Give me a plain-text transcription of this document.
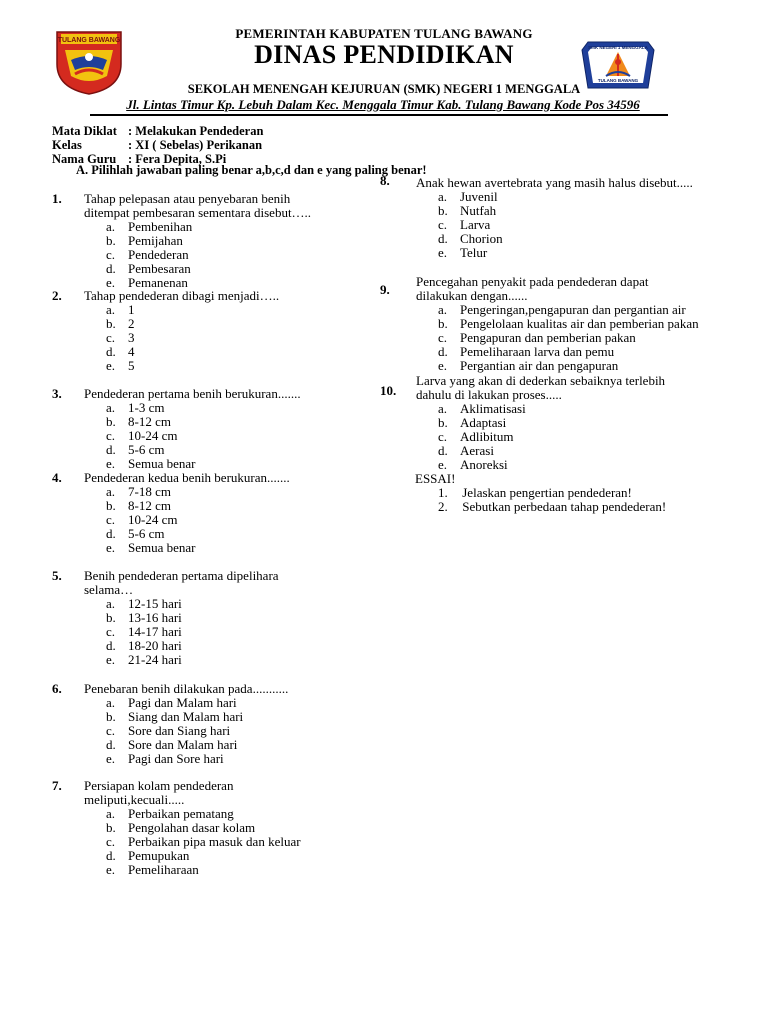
TULANG BAWANG	PEMERINTAH KABUPATEN TULANG BAWANG
DINAS PENDIDIKAN	SMK NEGERI 1 MENGGALA
TULANG BAWANG
SEKOLAH MENENGAH KEJURUAN (SMK) NEGERI 1 MENGGALA
Jl. Lintas Timur Kp. Lebuh Dalam Kec. Menggala Timur Kab. Tulang Bawang Kode Pos 34596
Mata Diklat : Melakukan Pendederan
Kelas	: XI ( Sebelas) Perikanan
Nama Guru : Fera Depita, S.Pi
A. Pilihlah jawaban paling benar a,b,c,d dan e yang paling benar!
1. Tahap pelepasan atau penyebaran benih
ditempat pembesaran sementara disebut…..
a. Pembenihan
b. Pemijahan
c. Pendederan
d. Pembesaran
e. Pemanenan
2. Tahap pendederan dibagi menjadi…..
a. 1
b. 2
c. 3
d. 4
e. 5
3. Pendederan pertama benih berukuran.......
a. 1-3 cm
b. 8-12 cm
c. 10-24 cm
d. 5-6 cm
e. Semua benar
4. Pendederan kedua benih berukuran.......
a. 7-18 cm
b. 8-12 cm
c. 10-24 cm
d. 5-6 cm
e. Semua benar
5. Benih pendederan pertama dipelihara
selama…
a. 12-15 hari
b. 13-16 hari
c. 14-17 hari
d. 18-20 hari
e. 21-24 hari
6. Penebaran benih dilakukan pada...........
a. Pagi dan Malam hari
b. Siang dan Malam hari
c. Sore dan Siang hari
d. Sore dan Malam hari
e. Pagi dan Sore hari
7. Persiapan kolam pendederan
meliputi,kecuali.....
a. Perbaikan pematang
b. Pengolahan dasar kolam
c. Perbaikan pipa masuk dan keluar
d. Pemupukan
e. Pemeliharaan
8. Anak hewan avertebrata yang masih halus disebut.....
a. Juvenil
b. Nutfah
c. Larva
d. Chorion
e. Telur
9.
Pencegahan penyakit pada pendederan dapat
dilakukan dengan......
a. Pengeringan,pengapuran dan pergantian air
b. Pengelolaan kualitas air dan pemberian pakan
c. Pengapuran dan pemberian pakan
d. Pemeliharaan larva dan pemu
e. Pergantian air dan pengapuran
10.
Larva yang akan di dederkan sebaiknya terlebih
dahulu di lakukan proses.....
a. Aklimatisasi
b. Adaptasi
c. Adlibitum
d. Aerasi
e. Anoreksi
ESSAI!
1. Jelaskan pengertian pendederan!
2. Sebutkan perbedaan tahap pendederan!
